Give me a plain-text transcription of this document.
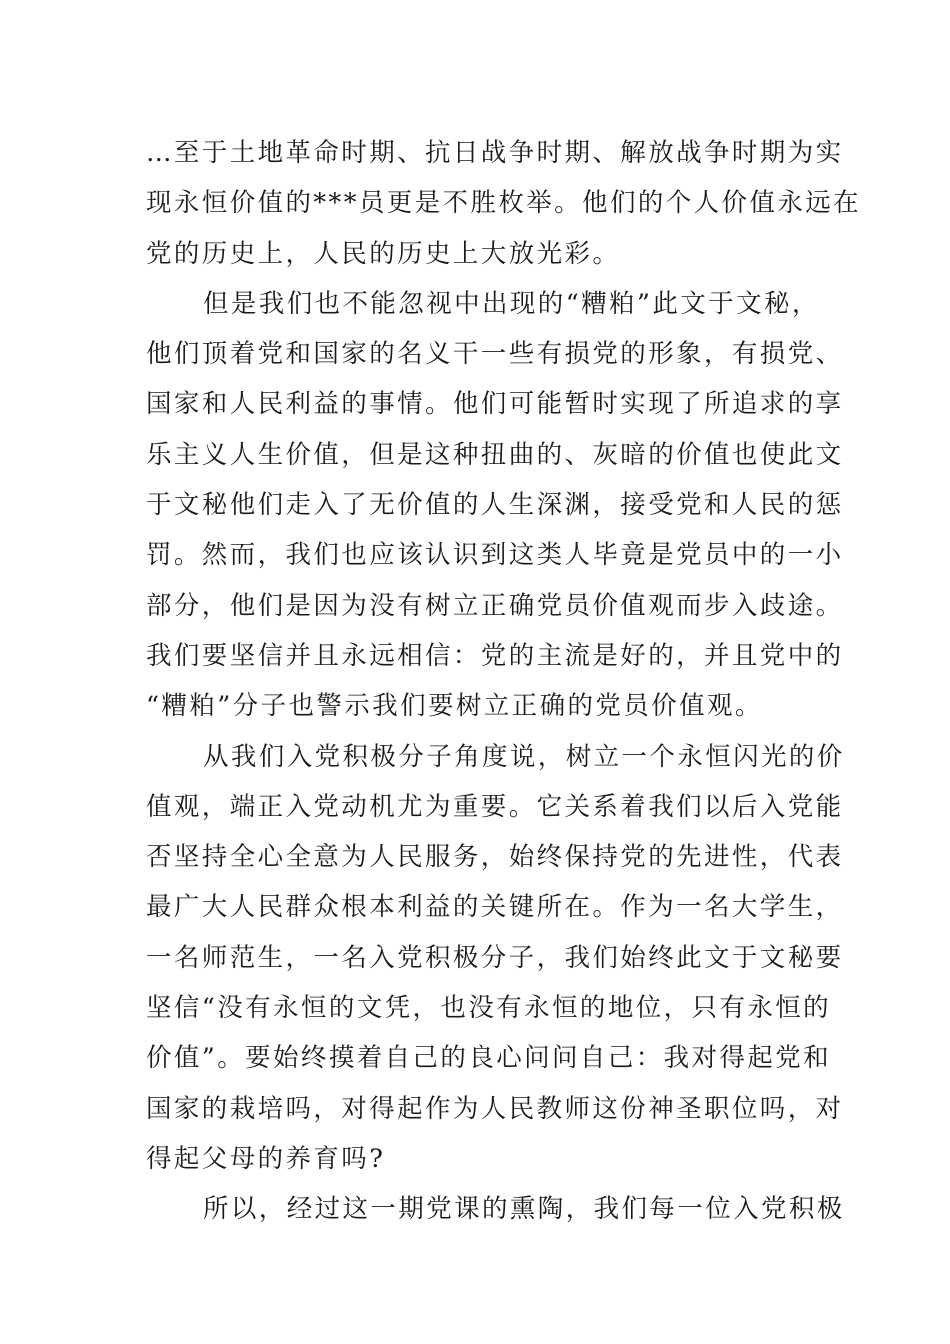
…至于土地革命时期、抗日战争时期、解放战争时期为实
现永恒价值的***员更是不胜枚举。他们的个人价值永远在
党的历史上，人民的历史上大放光彩。
但是我们也不能忽视中出现的“糟粕”此文于文秘，
他们顶着党和国家的名义干一些有损党的形象，有损党、
国家和人民利益的事情。他们可能暂时实现了所追求的享
乐主义人生价值，但是这种扭曲的、灰暗的价值也使此文
于文秘他们走入了无价值的人生深渊，接受党和人民的惩
罚。然而，我们也应该认识到这类人毕竟是党员中的一小
部分，他们是因为没有树立正确党员价值观而步入歧途。
我们要坚信并且永远相信：党的主流是好的，并且党中的
“糟粕”分子也警示我们要树立正确的党员价值观。
从我们入党积极分子角度说，树立一个永恒闪光的价
值观，端正入党动机尤为重要。它关系着我们以后入党能
否坚持全心全意为人民服务，始终保持党的先进性，代表
最广大人民群众根本利益的关键所在。作为一名大学生，
一名师范生，一名入党积极分子，我们始终此文于文秘要
坚信“没有永恒的文凭，也没有永恒的地位，只有永恒的
价值”。要始终摸着自己的良心问问自己：我对得起党和
国家的栽培吗，对得起作为人民教师这份神圣职位吗，对
得起父母的养育吗?
所以，经过这一期党课的熏陶，我们每一位入党积极
